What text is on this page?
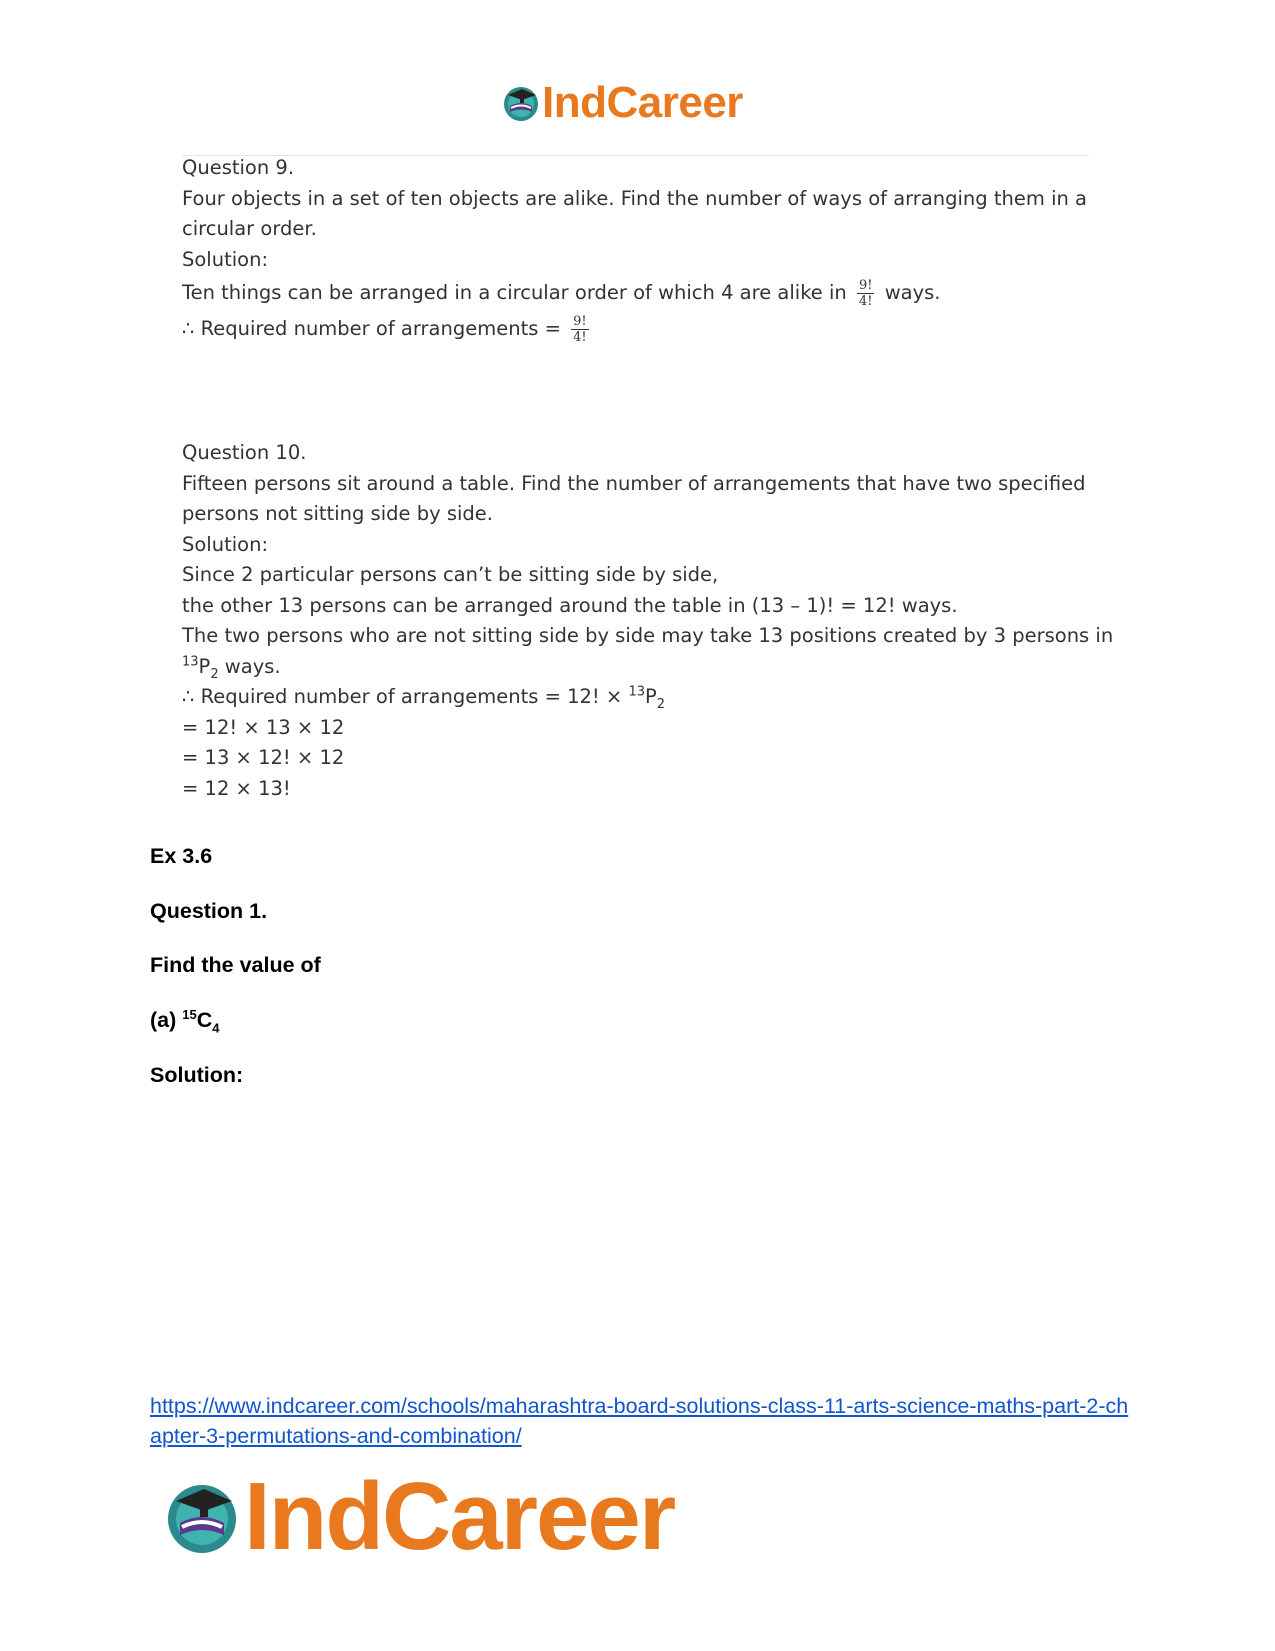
IndCareer
Question 9.
Four objects in a set of ten objects are alike. Find the number of ways of arranging them in a circular order.
Solution:
Ten things can be arranged in a circular order of which 4 are alike in $\frac{9!}{4!}$ ways.
∴ Required number of arrangements = $\frac{9!}{4!}$
Question 10.
Fifteen persons sit around a table. Find the number of arrangements that have two specified persons not sitting side by side.
Solution:
Since 2 particular persons can’t be sitting side by side,
the other 13 persons can be arranged around the table in (13 – 1)! = 12! ways.
The two persons who are not sitting side by side may take 13 positions created by 3 persons in
$^{13}P_2$ ways.
∴ Required number of arrangements = 12! × $^{13}P_2$
= 12! × 13 × 12
= 13 × 12! × 12
= 12 × 13!
Ex 3.6
Question 1.
Find the value of
(a) $^{15}C_4$
Solution:
https://www.indcareer.com/schools/maharashtra-board-solutions-class-11-arts-science-maths-part-2-chapter-3-permutations-and-combination/
IndCareer
